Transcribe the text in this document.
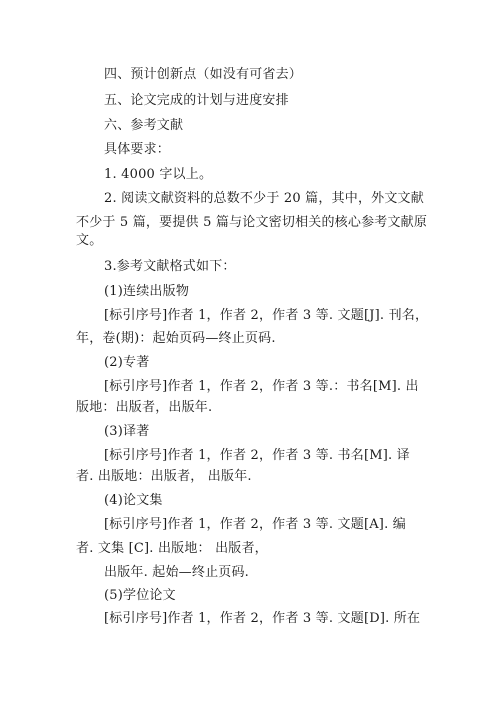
四、预计创新点（如没有可省去）

五、论文完成的计划与进度安排

六、参考文献

具体要求：

1. 4000 字以上。

2. 阅读文献资料的总数不少于 20 篇，其中，外文文献

不少于 5 篇，要提供 5 篇与论文密切相关的核心参考文献原

文。

3.参考文献格式如下：

(1)连续出版物

[标引序号]作者 1，作者 2，作者 3 等. 文题[J]. 刊名，

年，卷(期)：起始页码—终止页码.

(2)专著

[标引序号]作者 1，作者 2，作者 3 等.：书名[M]. 出

版地：出版者，出版年.

(3)译著

[标引序号]作者 1，作者 2，作者 3 等. 书名[M]. 译

者. 出版地：出版者， 出版年.

(4)论文集

[标引序号]作者 1，作者 2，作者 3 等. 文题[A]. 编

者. 文集 [C]. 出版地： 出版者，

出版年. 起始—终止页码.

(5)学位论文

[标引序号]作者 1，作者 2，作者 3 等. 文题[D]. 所在
